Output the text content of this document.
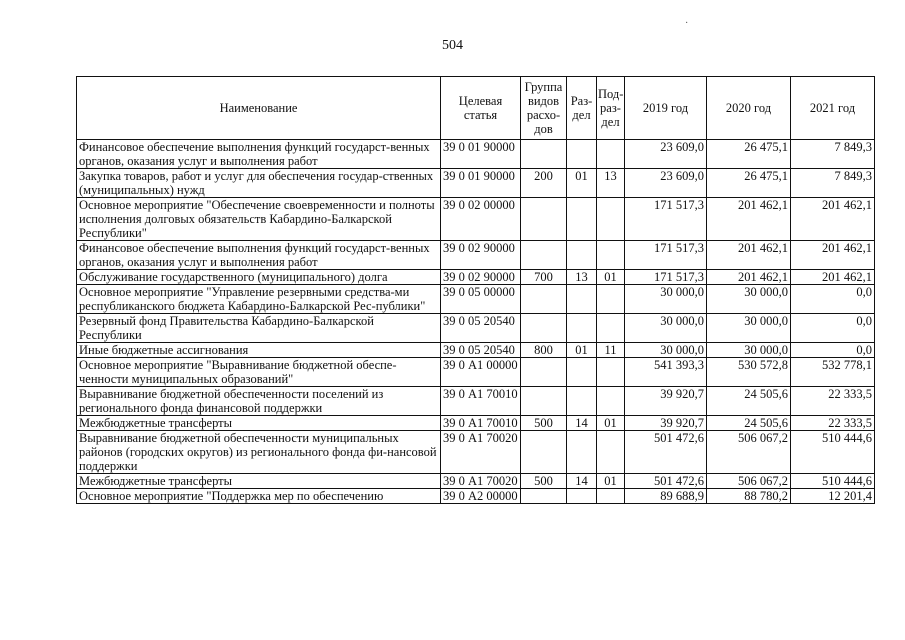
·
504
Наименование	Целевая статья	Группа видов расхо-дов	Раз-дел	Под-раз-дел	2019 год	2020 год	2021 год
Финансовое обеспечение выполнения функций государст-венных органов, оказания услуг и выполнения работ	39 0 01 90000				23 609,0	26 475,1	7 849,3
Закупка товаров, работ и услуг для обеспечения государ-ственных (муниципальных) нужд	39 0 01 90000	200	01	13	23 609,0	26 475,1	7 849,3
Основное мероприятие "Обеспечение своевременности и полноты исполнения долговых обязательств Кабардино-Балкарской Республики"	39 0 02 00000				171 517,3	201 462,1	201 462,1
Финансовое обеспечение выполнения функций государст-венных органов, оказания услуг и выполнения работ	39 0 02 90000				171 517,3	201 462,1	201 462,1
Обслуживание государственного (муниципального) долга	39 0 02 90000	700	13	01	171 517,3	201 462,1	201 462,1
Основное мероприятие "Управление резервными средства-ми республиканского бюджета Кабардино-Балкарской Рес-публики"	39 0 05 00000				30 000,0	30 000,0	0,0
Резервный фонд Правительства Кабардино-Балкарской Республики	39 0 05 20540				30 000,0	30 000,0	0,0
Иные бюджетные ассигнования	39 0 05 20540	800	01	11	30 000,0	30 000,0	0,0
Основное мероприятие "Выравнивание бюджетной обеспе-ченности муниципальных образований"	39 0 А1 00000				541 393,3	530 572,8	532 778,1
Выравнивание бюджетной обеспеченности поселений из регионального фонда финансовой поддержки	39 0 А1 70010				39 920,7	24 505,6	22 333,5
Межбюджетные трансферты	39 0 А1 70010	500	14	01	39 920,7	24 505,6	22 333,5
Выравнивание бюджетной обеспеченности муниципальных районов (городских округов) из регионального фонда фи-нансовой поддержки	39 0 А1 70020				501 472,6	506 067,2	510 444,6
Межбюджетные трансферты	39 0 А1 70020	500	14	01	501 472,6	506 067,2	510 444,6
Основное мероприятие "Поддержка мер по обеспечению	39 0 А2 00000				89 688,9	88 780,2	12 201,4
